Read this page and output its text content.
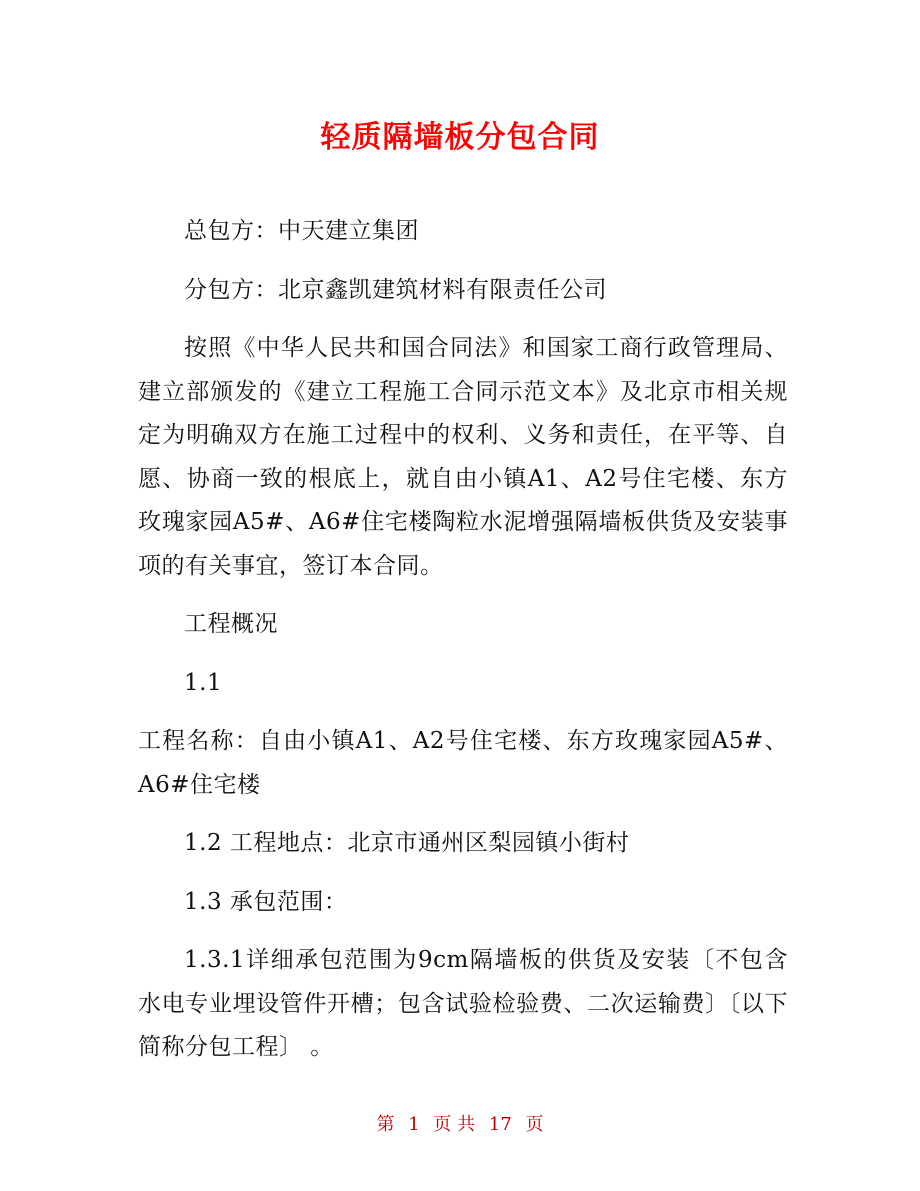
轻质隔墙板分包合同

总包方：中天建立集团

分包方：北京鑫凯建筑材料有限责任公司

按照《中华人民共和国合同法》和国家工商行政管理局、建立部颁发的《建立工程施工合同示范文本》及北京市相关规定为明确双方在施工过程中的权利、义务和责任，在平等、自愿、协商一致的根底上，就自由小镇A1、A2号住宅楼、东方玫瑰家园A5#、A6#住宅楼陶粒水泥增强隔墙板供货及安装事项的有关事宜，签订本合同。

工程概况

1.1

工程名称：自由小镇A1、A2号住宅楼、东方玫瑰家园A5#、A6#住宅楼

1.2 工程地点：北京市通州区梨园镇小街村

1.3 承包范围：

1.3.1详细承包范围为9cm隔墙板的供货及安装〔不包含水电专业埋设管件开槽；包含试验检验费、二次运输费〕〔以下简称分包工程〕 。

第 1 页 共 17 页
